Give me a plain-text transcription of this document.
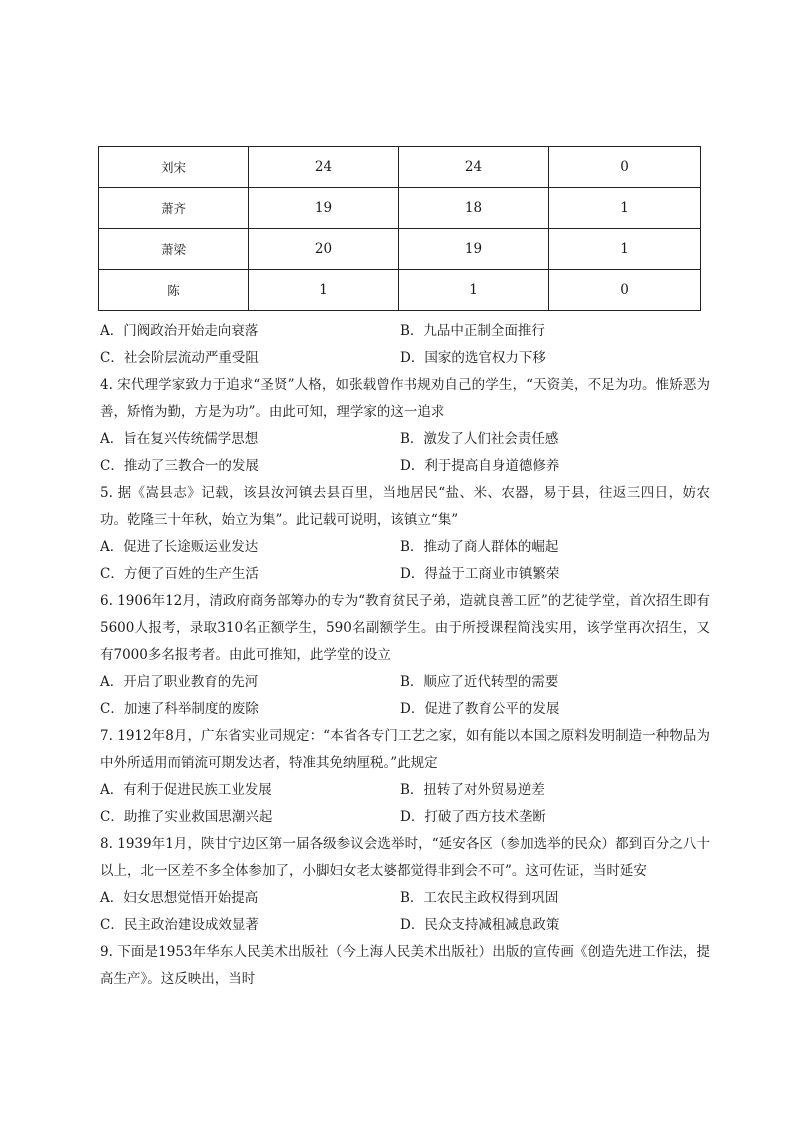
刘宋	24	24	0
萧齐	19	18	1
萧梁	20	19	1
陈	1	1	0
A．门阀政治开始走向衰落	B．九品中正制全面推行
C．社会阶层流动严重受阻	D．国家的选官权力下移
4. 宋代理学家致力于追求“圣贤”人格，如张载曾作书规劝自己的学生，“天资美，不足为功。惟矫恶为善，矫惰为勤，方是为功”。由此可知，理学家的这一追求
A．旨在复兴传统儒学思想	B．激发了人们社会责任感
C．推动了三教合一的发展	D．利于提高自身道德修养
5. 据《嵩县志》记载，该县汝河镇去县百里，当地居民“盐、米、农器，易于县，往返三四日，妨农功。乾隆三十年秋，始立为集”。此记载可说明，该镇立“集”
A．促进了长途贩运业发达	B．推动了商人群体的崛起
C．方便了百姓的生产生活	D．得益于工商业市镇繁荣
6. 1906年12月，清政府商务部筹办的专为“教育贫民子弟，造就良善工匠”的艺徒学堂，首次招生即有5600人报考，录取310名正额学生，590名副额学生。由于所授课程简浅实用，该学堂再次招生，又有7000多名报考者。由此可推知，此学堂的设立
A．开启了职业教育的先河	B．顺应了近代转型的需要
C．加速了科举制度的废除	D．促进了教育公平的发展
7. 1912年8月，广东省实业司规定：“本省各专门工艺之家，如有能以本国之原料发明制造一种物品为中外所适用而销流可期发达者，特准其免纳厘税。”此规定
A．有利于促进民族工业发展	B．扭转了对外贸易逆差
C．助推了实业救国思潮兴起	D．打破了西方技术垄断
8. 1939年1月，陕甘宁边区第一届各级参议会选举时，“延安各区（参加选举的民众）都到百分之八十以上，北一区差不多全体参加了，小脚妇女老太婆都觉得非到会不可”。这可佐证，当时延安
A．妇女思想觉悟开始提高	B．工农民主政权得到巩固
C．民主政治建设成效显著	D．民众支持减租减息政策
9. 下面是1953年华东人民美术出版社（今上海人民美术出版社）出版的宣传画《创造先进工作法，提高生产》。这反映出，当时
